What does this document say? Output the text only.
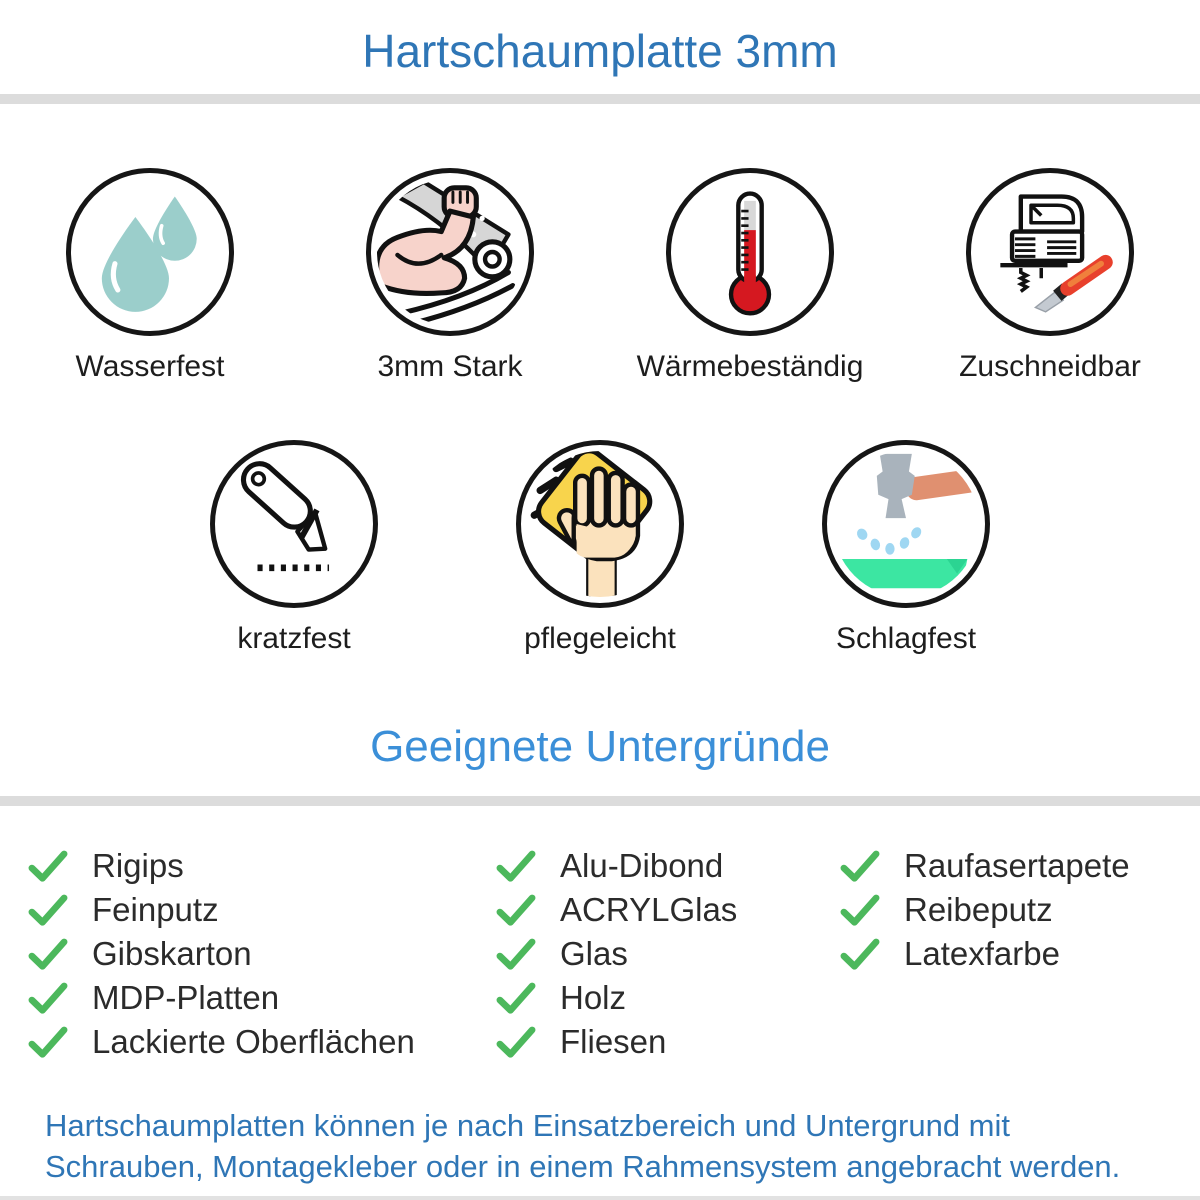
Hartschaumplatte 3mm
Wasserfest	3mm Stark	Wärmebeständig	Zuschneidbar
kratzfest	pflegeleicht	Schlagfest
Geeignete Untergründe
Rigips
Feinputz
Gibskarton
MDP-Platten
Lackierte Oberflächen
Alu-Dibond
ACRYLGlas
Glas
Holz
Fliesen
Raufasertapete
Reibeputz
Latexfarbe

Hartschaumplatten können je nach Einsatzbereich und Untergrund mit Schrauben, Montagekleber oder in einem Rahmensystem angebracht werden.
